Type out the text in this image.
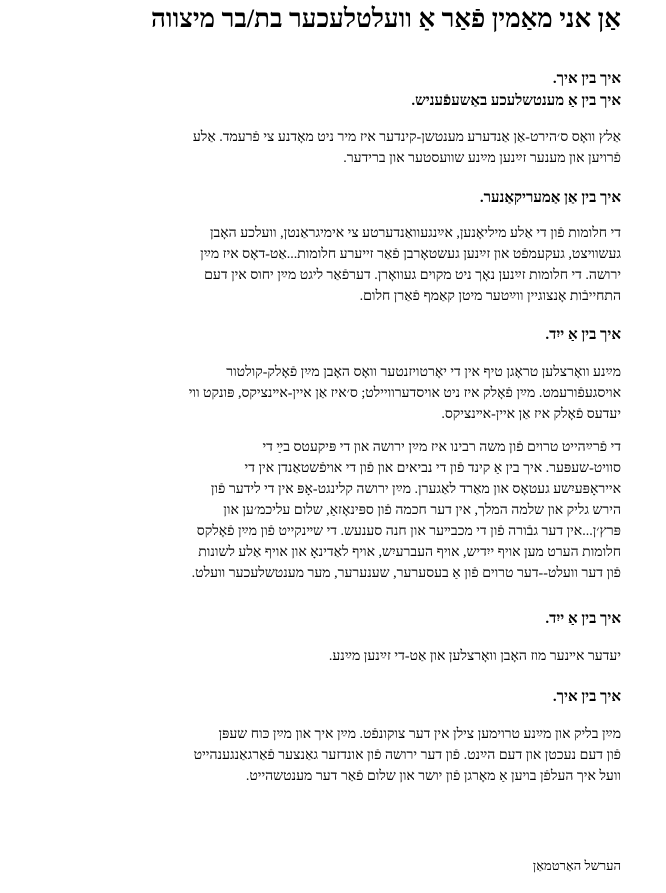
אַן אני מאַמין פֿאַר אַ וועלטלעכער בת/בר מיצווה
איך בין איך.
איך בין אַ מענטשלעכע באַשעפֿעניש.
אַלץ וואָס ס׳הירט-אַן אַנדערע מענטשן-קינדער איז מיר ניט מאָדנע צי פֿרעמד. אַלע
פֿרויען און מענער זײַנען מײַנע שוועסטער און ברידער.
איך בין אַן אַמעריקאַנער.
די חלומות פֿון די אַלע מיליאָנען, אײַנגעוואַנדערטע צי אימיגראַנטן, וועלכע האָבן
געשוויצט, געקעמפֿט און זײַנען געשטאָרבן פֿאַר זייערע חלומות...אַט-דאָס איז מײַן
ירושה. די חלומות זײַנען נאָך ניט מקוים געוואָרן. דערפֿאַר ליגט מײַן יחוס אין דעם
התחייבֿות אָנצוגיין ווײַטער מיטן קאַמף פֿאַרן חלום.
איך בין אַ ייִד.
מײַנע וואָרצלען טראָגן טיף אין די יאָרטויזנטער וואָס האָבן מײַן פֿאָלק-קולטור
אויסגעפֿורעמט. מײַן פֿאָלק איז ניט אויסדערוויילט; ס׳איז אַן איין-אײנציקס, פּונקט ווי
יעדעס פֿאָלק איז אַן איין-אײנציקס.
די פֿרײַהייט טרוים פֿון משה רבינו איז מײַן ירושה און די פּיקעטס בײַ די
סוויט-שעפּער. איך בין אַ קינד פֿון די נביאים און פֿון די אויפֿשטאַנדן אין די
אייראָפּעיִשע געטאָס און מאַרד לאַגערן. מײַן ירושה קלינגט-אָפּ אין די לידער פֿון
הירש גליק און שלמה המלך, אין דער חכמה פֿון ספּינאָזאַ, שלום עליכמ׳ען און
פּרץ׳ן...אין דער גבֿורה פֿון די מכבײער און חנה סענעש. די שײנקייט פֿון מײַן פֿאָלקס
חלומות הערט מען אויף ייִדיש, אויף העברעיִש, אויף לאַדינאָ און אויף אַלע לשונות
פֿון דער וועלט--דער טרוים פֿון אַ בעסערער, שענערער, מער מענטשלעכער וועלט.
איך בין אַ ייִד.
יעדער אײנער מוז האָבן וואָרצלען און אַט-די זײַנען מײַנע.
איך בין איך.
מײַן בליק און מײַנע טרוימען צילן אין דער צוקונפֿט. מײַן איך און מײַן כּוח שעפּן
פֿון דעם נעכטן און דעם הײַנט. פֿון דער ירושה פֿון אונדזער גאַנצער פֿאַרגאַנגענהייט
וועל איך העלפֿן בויען אַ מאָרגן פֿון יושר און שלום פֿאַר דער מענטשהייט.
הערשל האַרטמאַן
